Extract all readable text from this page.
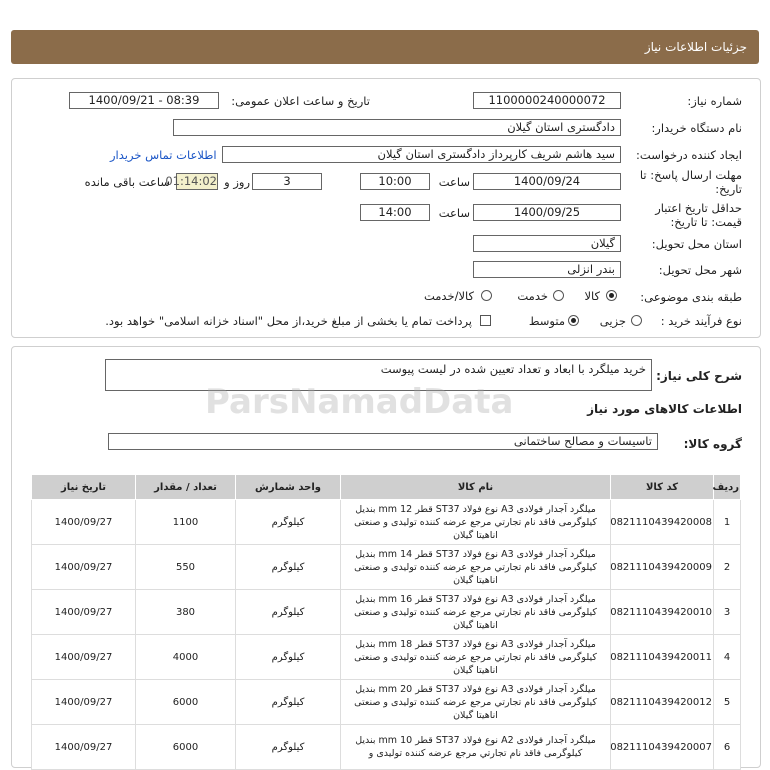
جزئیات اطلاعات نیاز
شماره نیاز:
1100000240000072
تاریخ و ساعت اعلان عمومی:
1400/09/21 - 08:39
نام دستگاه خریدار:
دادگستری استان گیلان
ایجاد کننده درخواست:
سید هاشم شریف کارپرداز دادگستری استان گیلان
اطلاعات تماس خریدار
مهلت ارسال پاسخ: تا
تاریخ:
1400/09/24
ساعت
10:00
3
روز و
01:14:02
ساعت باقی مانده
حداقل تاریخ اعتبار
قیمت: تا تاریخ:
1400/09/25
ساعت
14:00
استان محل تحویل:
گیلان
شهر محل تحویل:
بندر انزلی
طبقه بندی موضوعی:
کالا
خدمت
کالا/خدمت
نوع فرآیند خرید :
جزیی
متوسط
پرداخت تمام یا بخشی از مبلغ خرید،از محل "اسناد خزانه اسلامی" خواهد بود.
شرح کلی نیاز:
خرید میلگرد با ابعاد و تعداد تعیین شده در لیست پیوست
اطلاعات کالاهای مورد نیاز
گروه کالا:
تاسیسات و مصالح ساختمانی
ردیف	کد کالا	نام کالا	واحد شمارش	تعداد / مقدار	تاریخ نیاز
1	0821110439420008	میلگرد آجدار فولادی A3 نوع فولاد ST37 قطر mm 12 بندیل کیلوگرمی فاقد نام تجارتي مرجع عرضه کننده تولیدی و صنعتی اناهیتا گیلان	کیلوگرم	1100	1400/09/27
2	0821110439420009	میلگرد آجدار فولادی A3 نوع فولاد ST37 قطر mm 14 بندیل کیلوگرمی فاقد نام تجارتي مرجع عرضه کننده تولیدی و صنعتی اناهیتا گیلان	کیلوگرم	550	1400/09/27
3	0821110439420010	میلگرد آجدار فولادی A3 نوع فولاد ST37 قطر mm 16 بندیل کیلوگرمی فاقد نام تجارتي مرجع عرضه کننده تولیدی و صنعتی اناهیتا گیلان	کیلوگرم	380	1400/09/27
4	0821110439420011	میلگرد آجدار فولادی A3 نوع فولاد ST37 قطر mm 18 بندیل کیلوگرمی فاقد نام تجارتي مرجع عرضه کننده تولیدی و صنعتی اناهیتا گیلان	کیلوگرم	4000	1400/09/27
5	0821110439420012	میلگرد آجدار فولادی A3 نوع فولاد ST37 قطر mm 20 بندیل کیلوگرمی فاقد نام تجارتي مرجع عرضه کننده تولیدی و صنعتی اناهیتا گیلان	کیلوگرم	6000	1400/09/27
6	0821110439420007	میلگرد آجدار فولادی A2 نوع فولاد ST37 قطر mm 10 بندیل کیلوگرمی فاقد نام تجارتي مرجع عرضه کننده تولیدی و	کیلوگرم	6000	1400/09/27
ParsNamadData
